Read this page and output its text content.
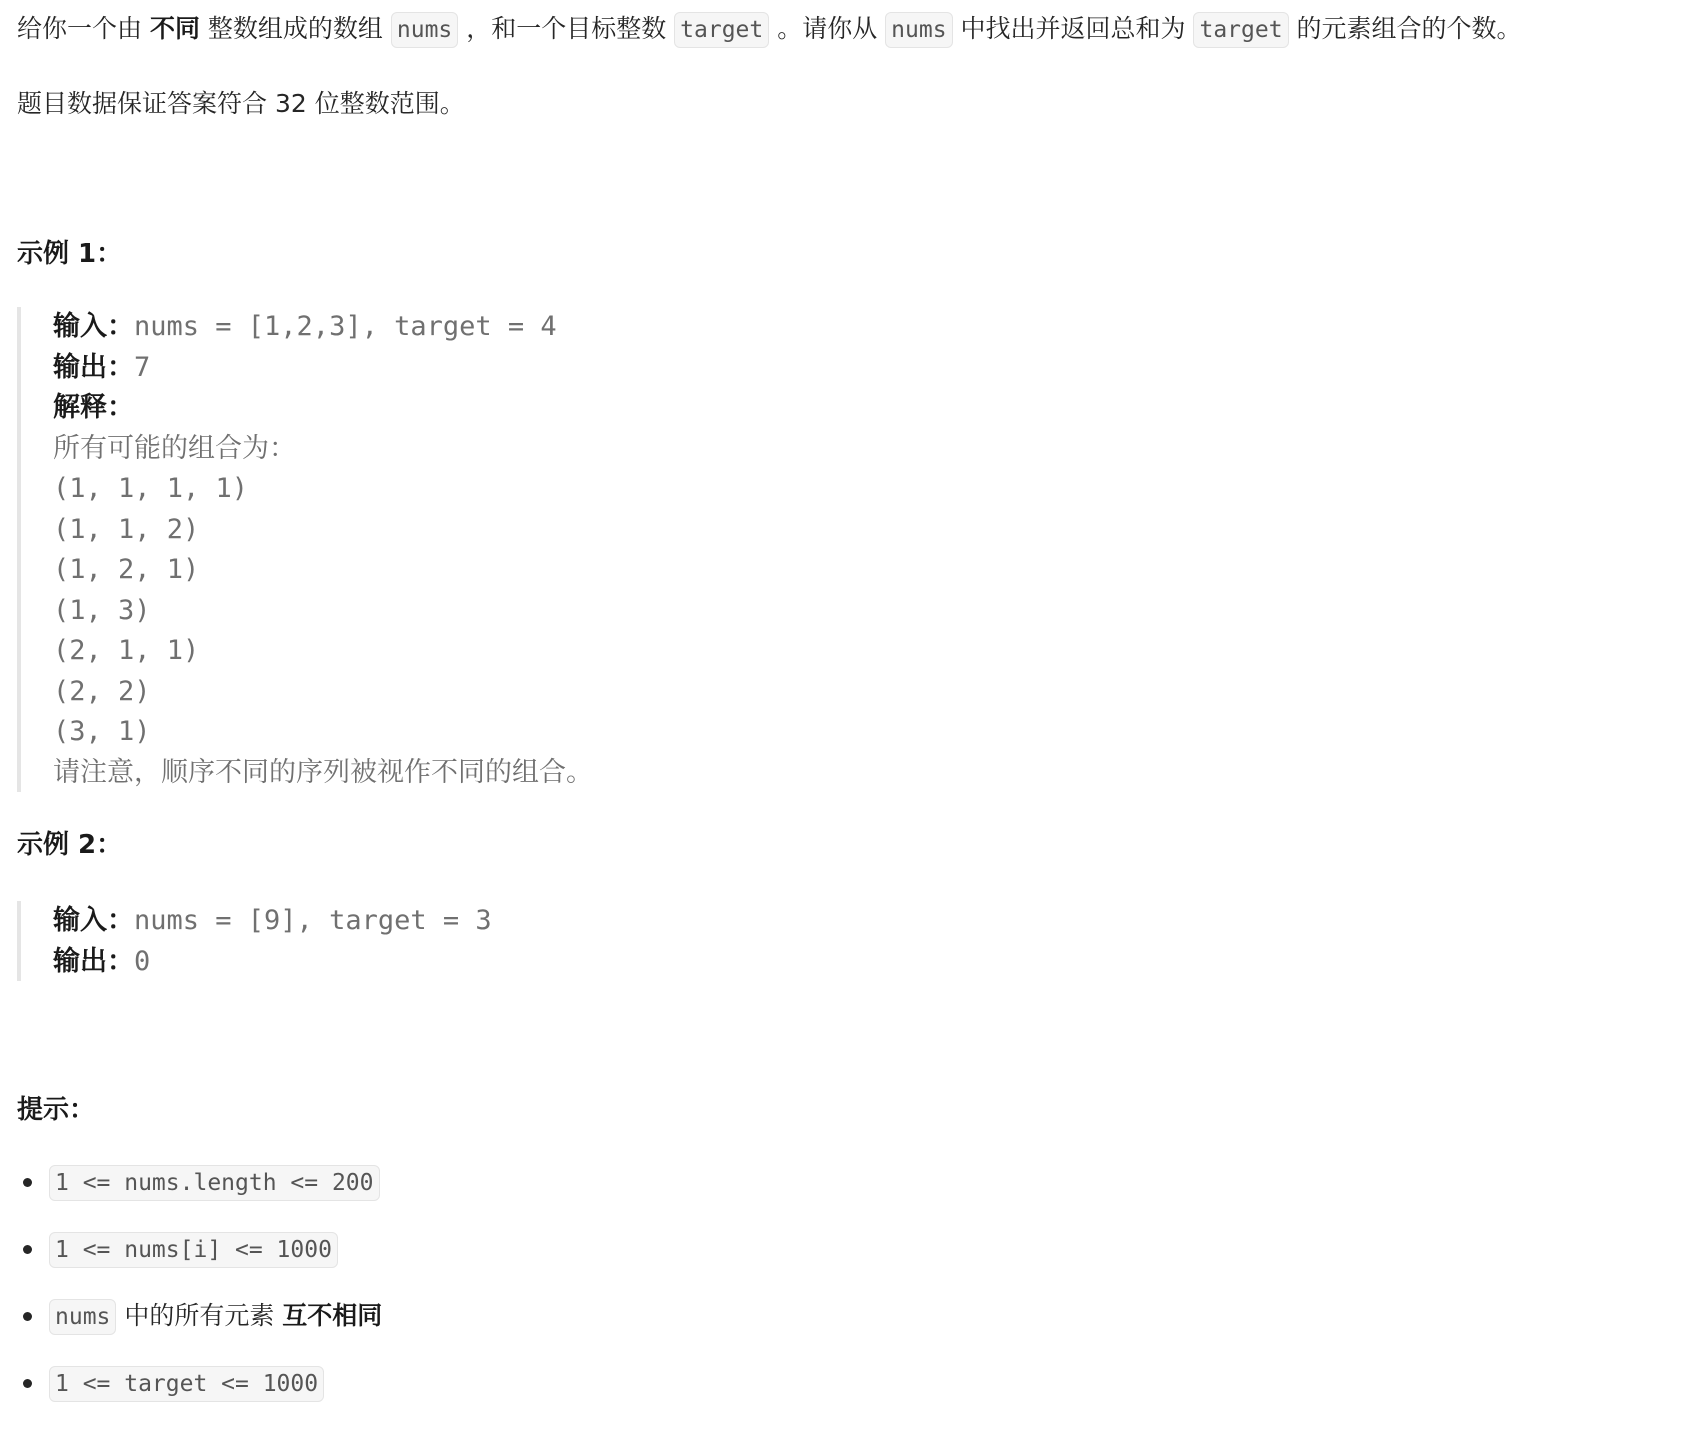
给你一个由 不同 整数组成的数组 nums ，和一个目标整数 target 。请你从 nums 中找出并返回总和为 target 的元素组合的个数。

题目数据保证答案符合 32 位整数范围。

示例 1：
输入：nums = [1,2,3], target = 4
输出：7
解释：
所有可能的组合为：
(1, 1, 1, 1)
(1, 1, 2)
(1, 2, 1)
(1, 3)
(2, 1, 1)
(2, 2)
(3, 1)
请注意，顺序不同的序列被视作不同的组合。
示例 2：
输入：nums = [9], target = 3
输出：0
提示：
1 <= nums.length <= 200
1 <= nums[i] <= 1000
nums 中的所有元素 互不相同
1 <= target <= 1000
